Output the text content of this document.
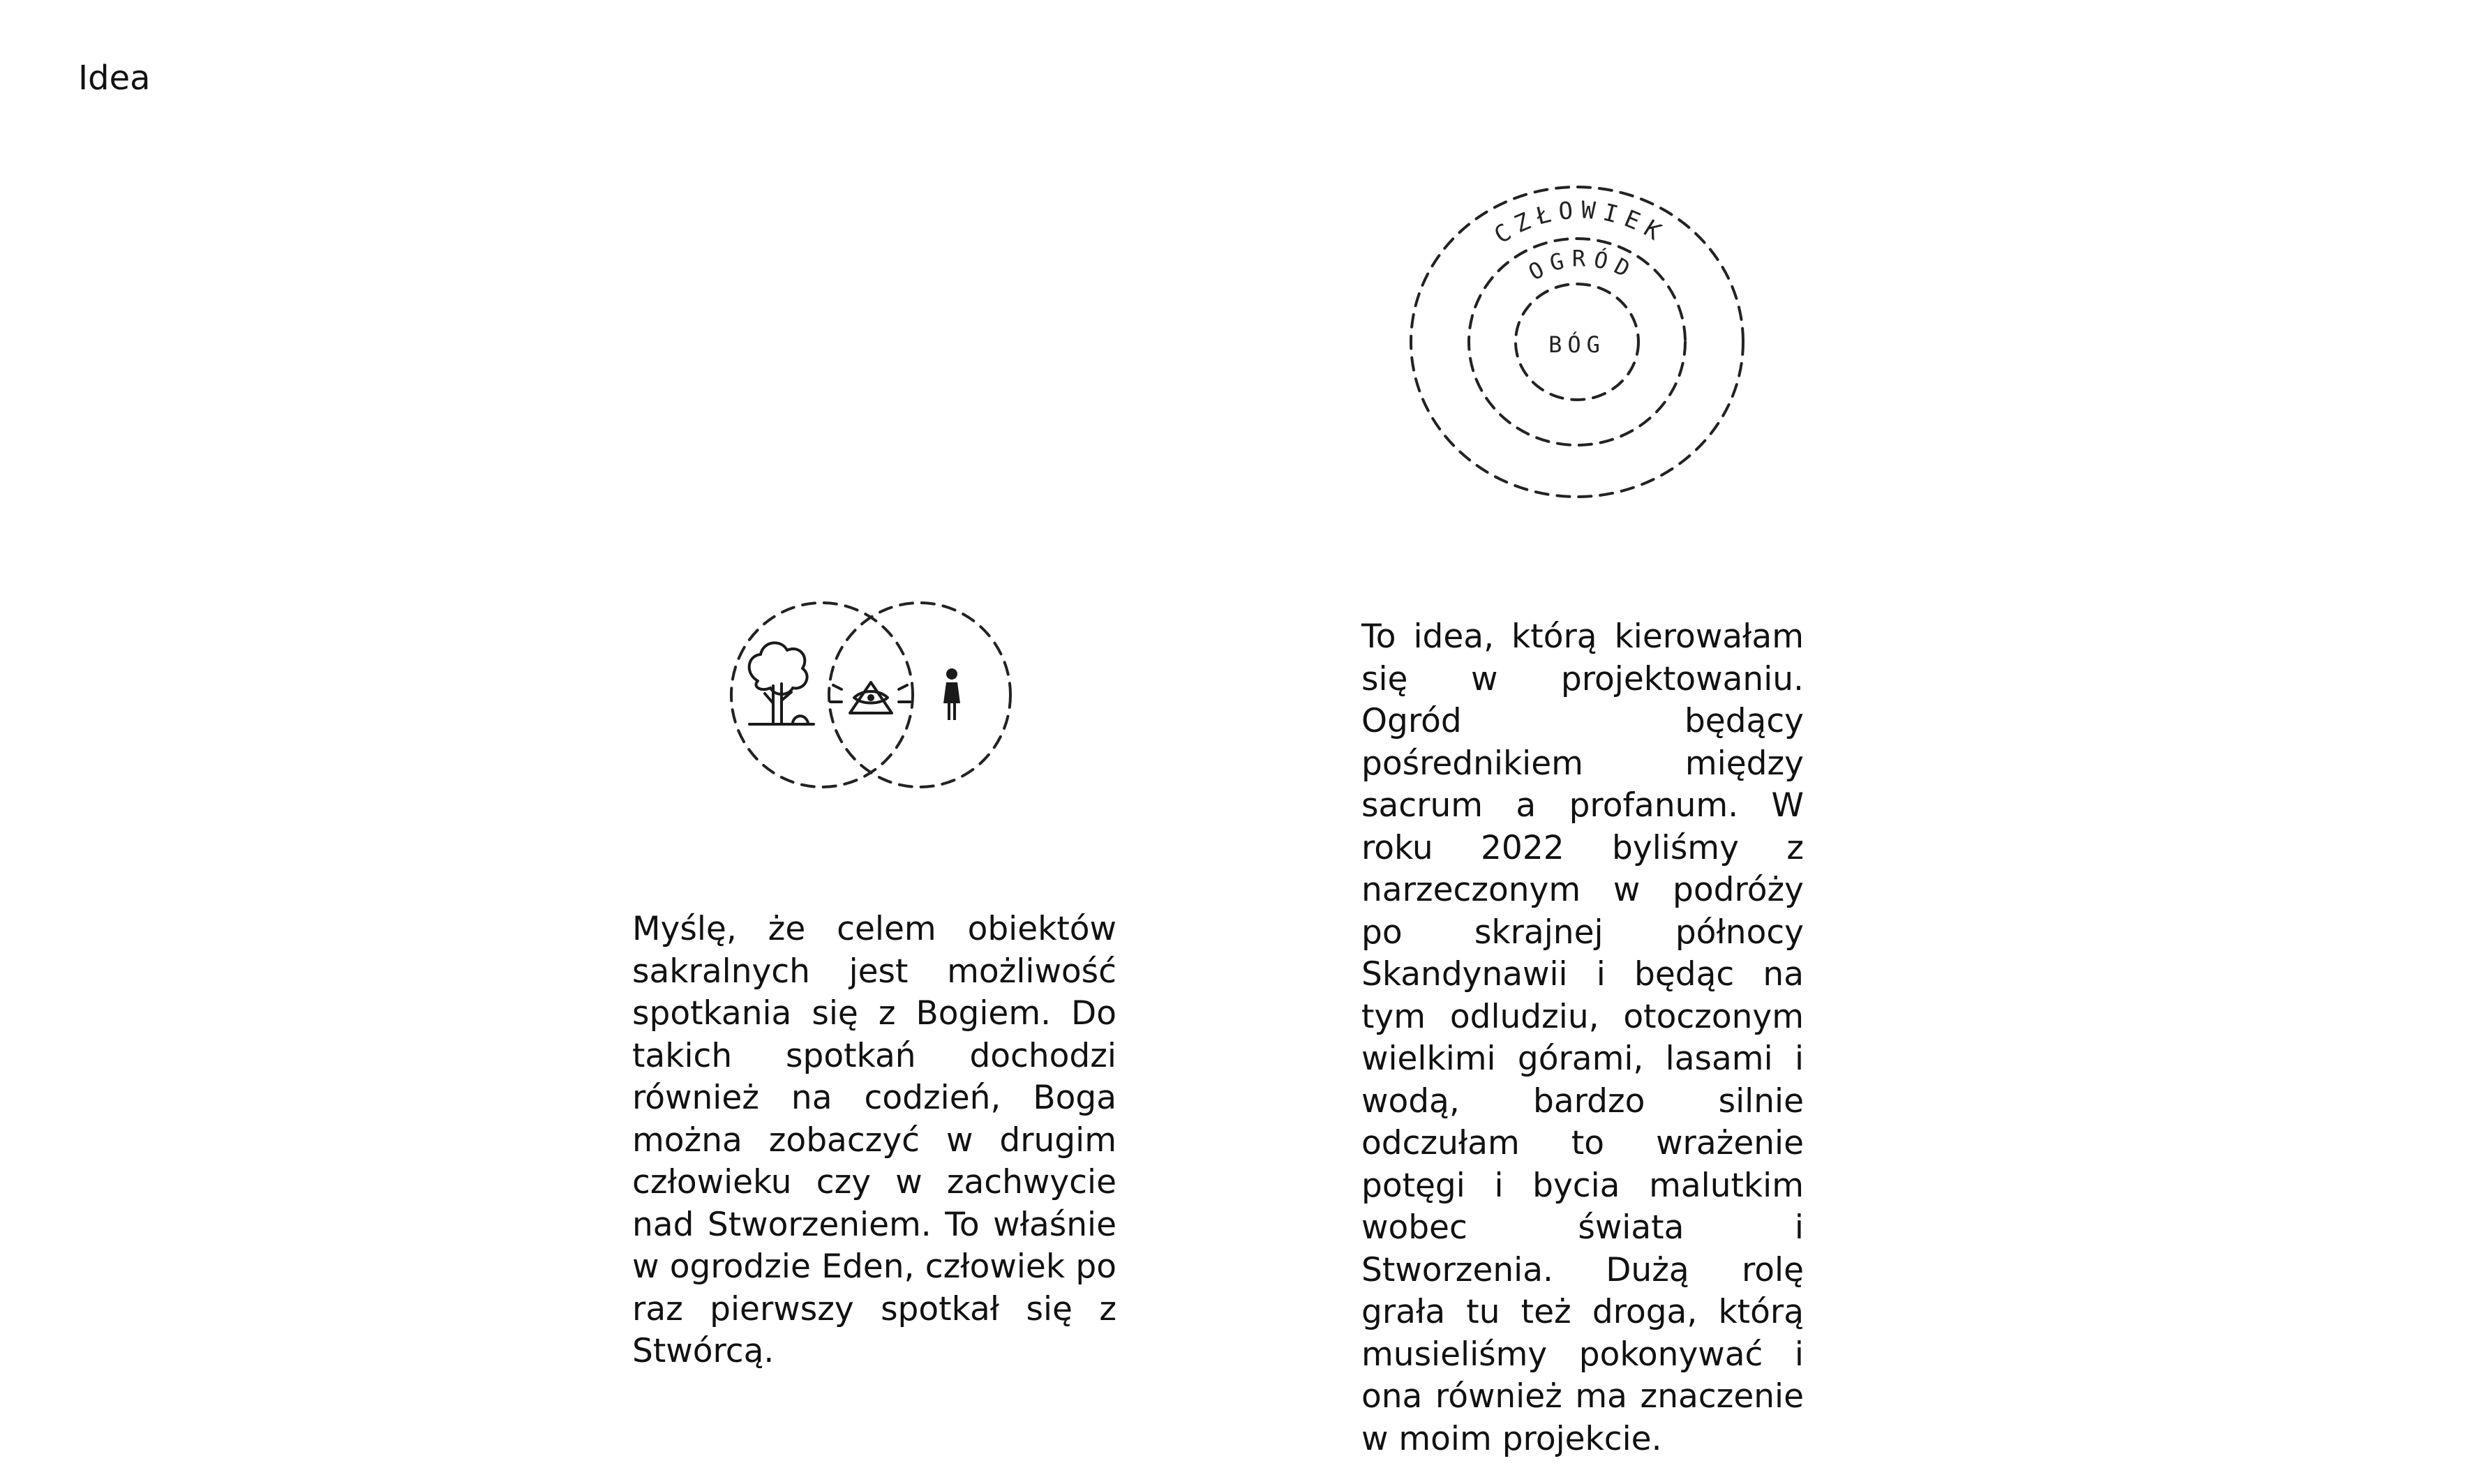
Idea
CZŁOWIEK
OGRÓD
BÓG

Myślę, że celem obiektów sakralnych jest możliwość spotkania się z Bogiem. Do takich spotkań dochodzi również na codzień, Boga można zobaczyć w drugim człowieku czy w zachwycie nad Stworzeniem. To właśnie w ogrodzie Eden, człowiek po raz pierwszy spotkał się z Stwórcą.

To idea, którą kierowałam się w projektowaniu. Ogród będący pośrednikiem między sacrum a profanum. W roku 2022 byliśmy z narzeczonym w podróży po skrajnej północy Skandynawii i będąc na tym odludziu, otoczonym wielkimi górami, lasami i wodą, bardzo silnie odczułam to wrażenie potęgi i bycia malutkim wobec świata i Stworzenia. Dużą rolę grała tu też droga, którą musieliśmy pokonywać i ona również ma znaczenie w moim projekcie.
